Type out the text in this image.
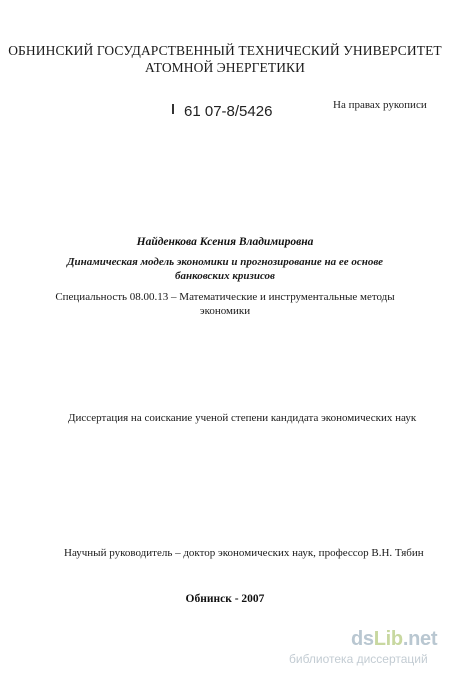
ОБНИНСКИЙ ГОСУДАРСТВЕННЫЙ ТЕХНИЧЕСКИЙ УНИВЕРСИТЕТ
АТОМНОЙ ЭНЕРГЕТИКИ
61 07-8/5426	На правах рукописи
Найденкова Ксения Владимировна
Динамическая модель экономики и прогнозирование на ее основе
банковских кризисов
Специальность 08.00.13 – Математические и инструментальные методы
экономики
Диссертация на соискание ученой степени кандидата экономических наук
Научный руководитель – доктор экономических наук, профессор В.Н. Тябин
Обнинск - 2007
dsLib.net
библиотека диссертаций
